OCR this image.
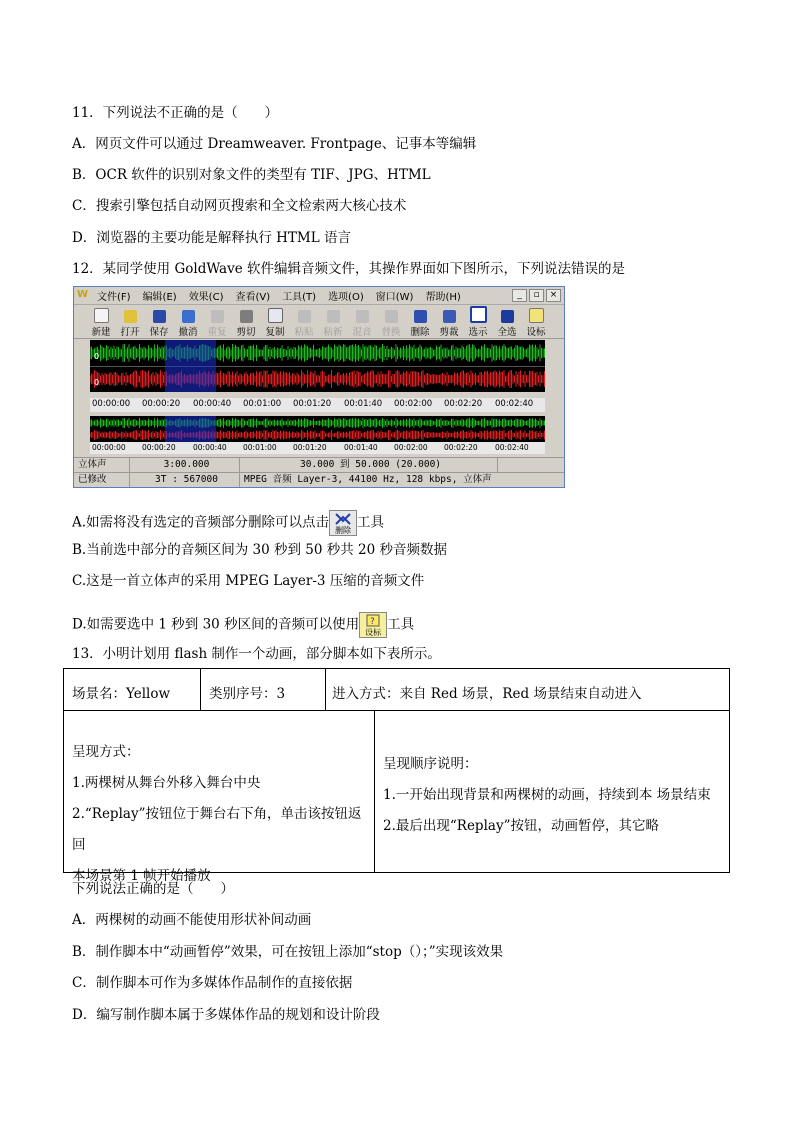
11．下列说法不正确的是（　　）
A．网页文件可以通过 Dreamweaver. Frontpage、记事本等编辑
B．OCR 软件的识别对象文件的类型有 TIF、JPG、HTML
C．搜索引擎包括自动网页搜索和全文检索两大核心技术
D．浏览器的主要功能是解释执行 HTML 语言
12．某同学使用 GoldWave 软件编辑音频文件，其操作界面如下图所示，下列说法错误的是
W 文件(F) 编辑(E) 效果(C) 查看(V) 工具(T) 选项(O) 窗口(W) 帮助(H)	_	▫	×
新建 打开 保存 撤消 重复 剪切 复制 粘贴 粘新 混音 替换 删除 剪裁 选示 全选 设标
0
0
00:00:00 00:00:20 00:00:40 00:01:00 00:01:20 00:01:40 00:02:00 00:02:20 00:02:40
00:00:00 00:00:20 00:00:40 00:01:00 00:01:20 00:01:40 00:02:00 00:02:20 00:02:40
立体声	3:00.000	30.000 到 50.000 (20.000)
已修改	3T : 567000	MPEG 音频 Layer-3, 44100 Hz, 128 kbps, 立体声
A.如需将没有选定的音频部分删除可以点击 删除 工具
B.当前选中部分的音频区间为 30 秒到 50 秒共 20 秒音频数据
C.这是一首立体声的采用 MPEG Layer-3 压缩的音频文件
D.如需要选中 1 秒到 30 秒区间的音频可以使用 ?
设标 工具
13．小明计划用 flash 制作一个动画，部分脚本如下表所示。
场景名：Yellow	类别序号：3	进入方式：来自 Red 场景，Red 场景结束自动进入
呈现方式：
1.两棵树从舞台外移入舞台中央
2.“Replay”按钮位于舞台右下角，单击该按钮返回
本场景第 1 帧开始播放
呈现顺序说明：
1.一开始出现背景和两棵树的动画，持续到本 场景结束
2.最后出现“Replay”按钮，动画暂停，其它略
下列说法正确的是（　　）
A．两棵树的动画不能使用形状补间动画
B．制作脚本中“动画暂停”效果，可在按钮上添加“stop（）；”实现该效果
C．制作脚本可作为多媒体作品制作的直接依据
D．编写制作脚本属于多媒体作品的规划和设计阶段
